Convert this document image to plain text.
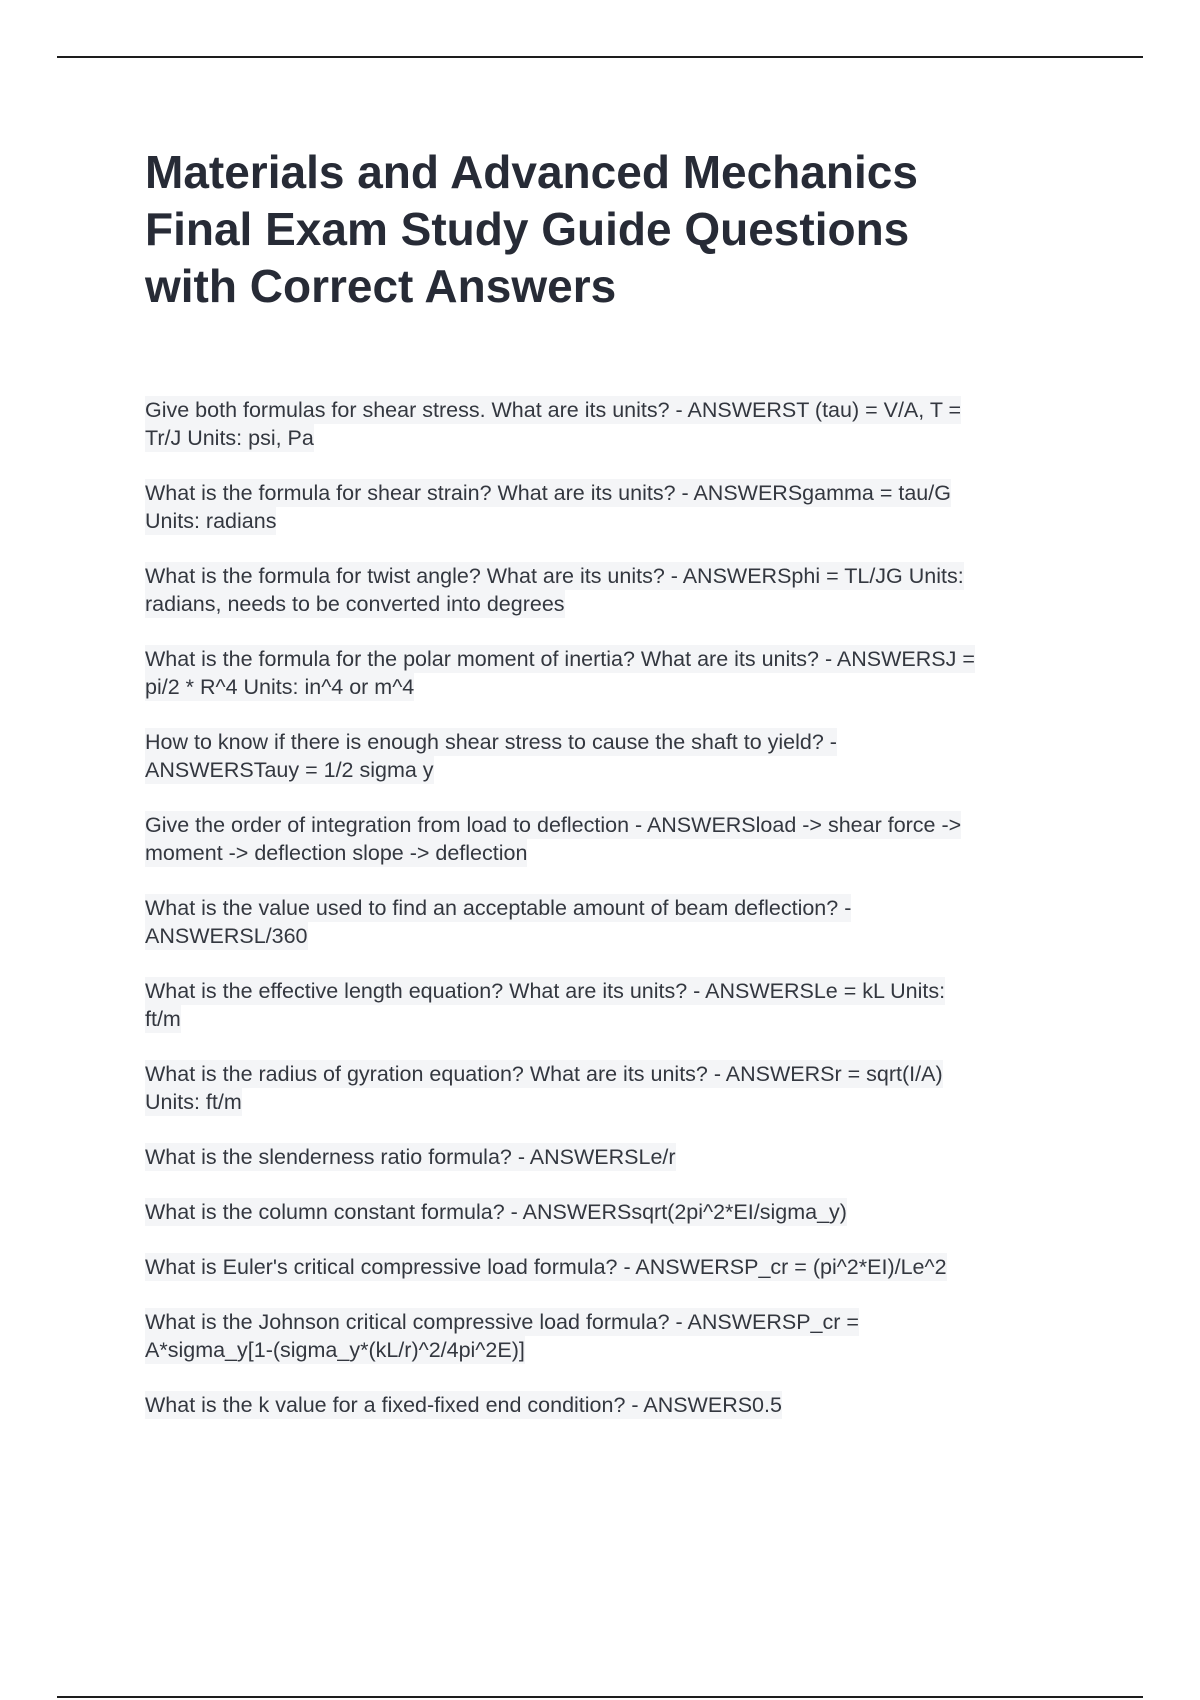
Materials and Advanced Mechanics
Final Exam Study Guide Questions
with Correct Answers
Give both formulas for shear stress. What are its units? - ANSWERST (tau) = V/A, T =
Tr/J Units: psi, Pa
What is the formula for shear strain? What are its units? - ANSWERSgamma = tau/G
Units: radians
What is the formula for twist angle? What are its units? - ANSWERSphi = TL/JG Units:
radians, needs to be converted into degrees
What is the formula for the polar moment of inertia? What are its units? - ANSWERSJ =
pi/2 * R^4 Units: in^4 or m^4
How to know if there is enough shear stress to cause the shaft to yield? -
ANSWERSTauy = 1/2 sigma y
Give the order of integration from load to deflection - ANSWERSload -> shear force ->
moment -> deflection slope -> deflection
What is the value used to find an acceptable amount of beam deflection? -
ANSWERSL/360
What is the effective length equation? What are its units? - ANSWERSLe = kL Units:
ft/m
What is the radius of gyration equation? What are its units? - ANSWERSr = sqrt(I/A)
Units: ft/m
What is the slenderness ratio formula? - ANSWERSLe/r
What is the column constant formula? - ANSWERSsqrt(2pi^2*EI/sigma_y)
What is Euler's critical compressive load formula? - ANSWERSP_cr = (pi^2*EI)/Le^2
What is the Johnson critical compressive load formula? - ANSWERSP_cr =
A*sigma_y[1-(sigma_y*(kL/r)^2/4pi^2E)]
What is the k value for a fixed-fixed end condition? - ANSWERS0.5
